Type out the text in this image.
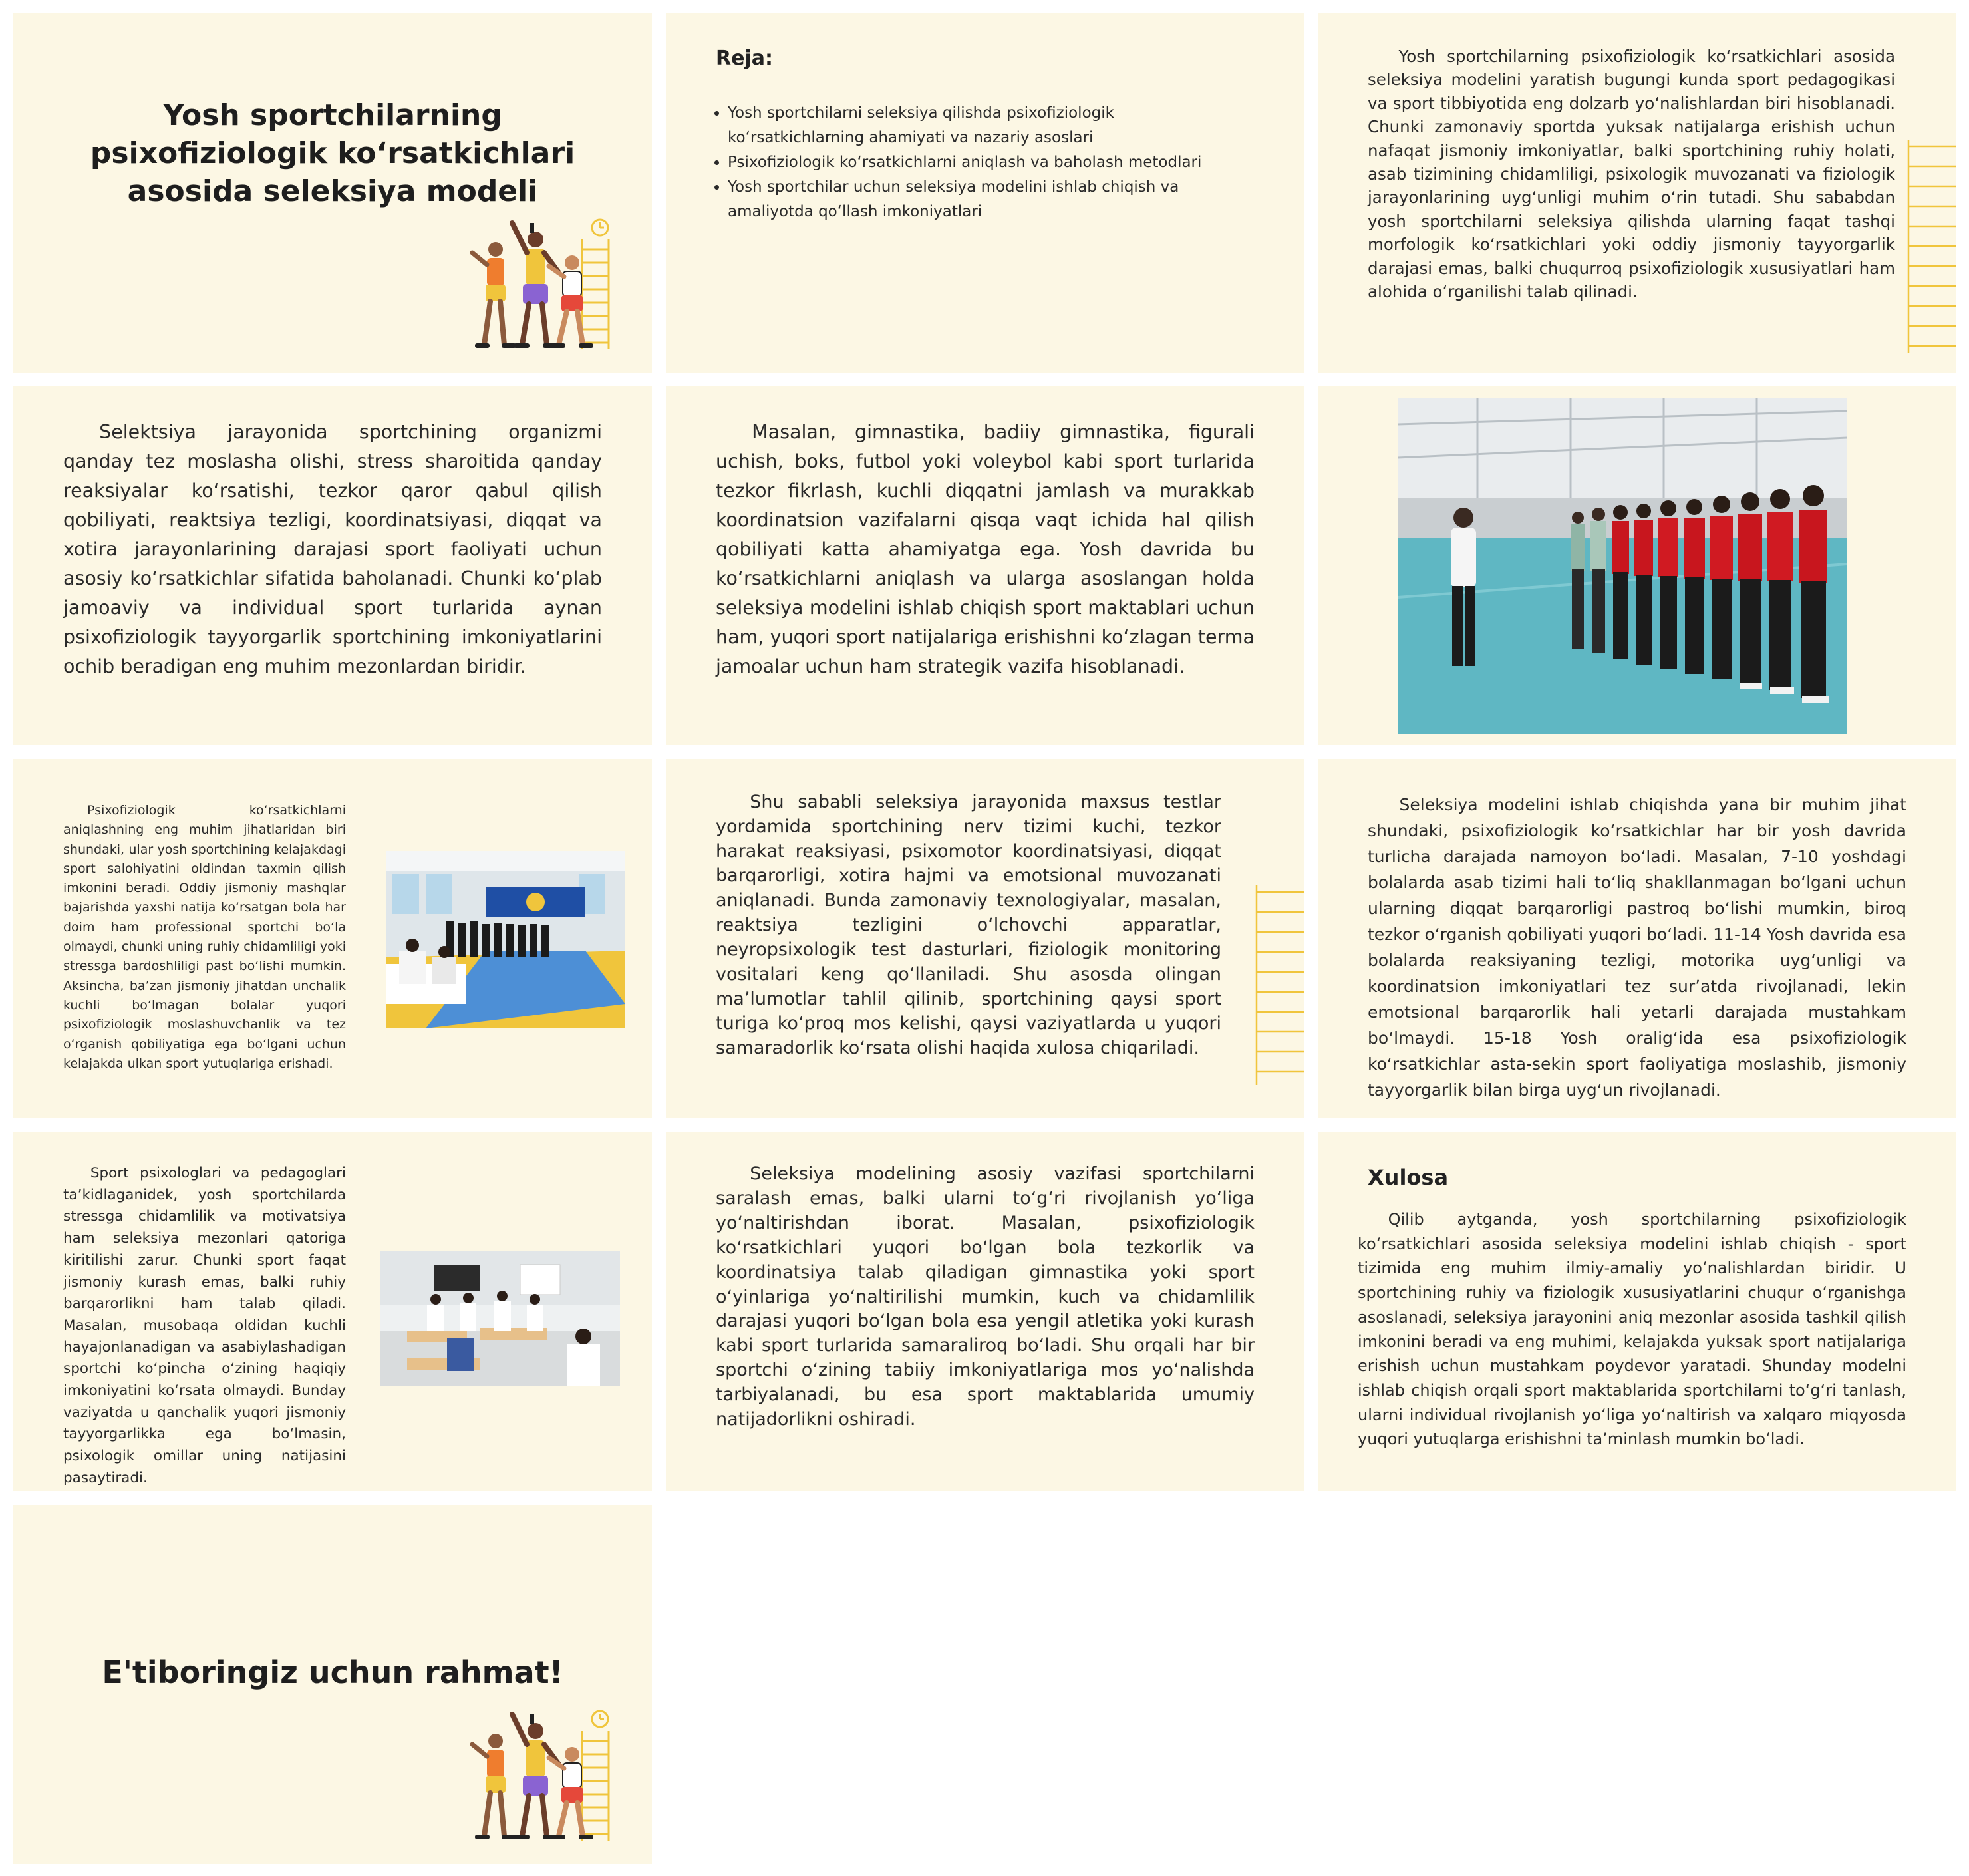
Yosh sportchilarning psixofiziologik koʻrsatkichlari asosida seleksiya modeli
Reja:
• Yosh sportchilarni seleksiya qilishda psixofiziologik koʻrsatkichlarning ahamiyati va nazariy asoslari
• Psixofiziologik koʻrsatkichlarni aniqlash va baholash metodlari
• Yosh sportchilar uchun seleksiya modelini ishlab chiqish va amaliyotda qoʻllash imkoniyatlari

Yosh sportchilarning psixofiziologik koʻrsatkichlari asosida seleksiya modelini yaratish bugungi kunda sport pedagogikasi va sport tibbiyotida eng dolzarb yoʻnalishlardan biri hisoblanadi. Chunki zamonaviy sportda yuksak natijalarga erishish uchun nafaqat jismoniy imkoniyatlar, balki sportchining ruhiy holati, asab tizimining chidamliligi, psixologik muvozanati va fiziologik jarayonlarining uygʻunligi muhim oʻrin tutadi. Shu sababdan yosh sportchilarni seleksiya qilishda ularning faqat tashqi morfologik koʻrsatkichlari yoki oddiy jismoniy tayyorgarlik darajasi emas, balki chuqurroq psixofiziologik xususiyatlari ham alohida oʻrganilishi talab qilinadi.

Selektsiya jarayonida sportchining organizmi qanday tez moslasha olishi, stress sharoitida qanday reaksiyalar koʻrsatishi, tezkor qaror qabul qilish qobiliyati, reaktsiya tezligi, koordinatsiyasi, diqqat va xotira jarayonlarining darajasi sport faoliyati uchun asosiy koʻrsatkichlar sifatida baholanadi. Chunki koʻplab jamoaviy va individual sport turlarida aynan psixofiziologik tayyorgarlik sportchining imkoniyatlarini ochib beradigan eng muhim mezonlardan biridir.

Masalan, gimnastika, badiiy gimnastika, figurali uchish, boks, futbol yoki voleybol kabi sport turlarida tezkor fikrlash, kuchli diqqatni jamlash va murakkab koordinatsion vazifalarni qisqa vaqt ichida hal qilish qobiliyati katta ahamiyatga ega. Yosh davrida bu koʻrsatkichlarni aniqlash va ularga asoslangan holda seleksiya modelini ishlab chiqish sport maktablari uchun ham, yuqori sport natijalariga erishishni koʻzlagan terma jamoalar uchun ham strategik vazifa hisoblanadi.

Psixofiziologik koʻrsatkichlarni aniqlashning eng muhim jihatlaridan biri shundaki, ular yosh sportchining kelajakdagi sport salohiyatini oldindan taxmin qilish imkonini beradi. Oddiy jismoniy mashqlar bajarishda yaxshi natija koʻrsatgan bola har doim ham professional sportchi boʻla olmaydi, chunki uning ruhiy chidamliligi yoki stressga bardoshliligi past boʻlishi mumkin. Aksincha, baʼzan jismoniy jihatdan unchalik kuchli boʻlmagan bolalar yuqori psixofiziologik moslashuvchanlik va tez oʻrganish qobiliyatiga ega boʻlgani uchun kelajakda ulkan sport yutuqlariga erishadi.

Shu sababli seleksiya jarayonida maxsus testlar yordamida sportchining nerv tizimi kuchi, tezkor harakat reaksiyasi, psixomotor koordinatsiyasi, diqqat barqarorligi, xotira hajmi va emotsional muvozanati aniqlanadi. Bunda zamonaviy texnologiyalar, masalan, reaktsiya tezligini oʻlchovchi apparatlar, neyropsixologik test dasturlari, fiziologik monitoring vositalari keng qoʻllaniladi. Shu asosda olingan maʼlumotlar tahlil qilinib, sportchining qaysi sport turiga koʻproq mos kelishi, qaysi vaziyatlarda u yuqori samaradorlik koʻrsata olishi haqida xulosa chiqariladi.

Seleksiya modelini ishlab chiqishda yana bir muhim jihat shundaki, psixofiziologik koʻrsatkichlar har bir yosh davrida turlicha darajada namoyon boʻladi. Masalan, 7-10 yoshdagi bolalarda asab tizimi hali toʻliq shakllanmagan boʻlgani uchun ularning diqqat barqarorligi pastroq boʻlishi mumkin, biroq tezkor oʻrganish qobiliyati yuqori boʻladi. 11-14 Yosh davrida esa bolalarda reaksiyaning tezligi, motorika uygʻunligi va koordinatsion imkoniyatlari tez surʼatda rivojlanadi, lekin emotsional barqarorlik hali yetarli darajada mustahkam boʻlmaydi. 15-18 Yosh oraligʻida esa psixofiziologik koʻrsatkichlar asta-sekin sport faoliyatiga moslashib, jismoniy tayyorgarlik bilan birga uygʻun rivojlanadi.

Sport psixologlari va pedagoglari taʼkidlaganidek, yosh sportchilarda stressga chidamlilik va motivatsiya ham seleksiya mezonlari qatoriga kiritilishi zarur. Chunki sport faqat jismoniy kurash emas, balki ruhiy barqarorlikni ham talab qiladi. Masalan, musobaqa oldidan kuchli hayajonlanadigan va asabiylashadigan sportchi koʻpincha oʻzining haqiqiy imkoniyatini koʻrsata olmaydi. Bunday vaziyatda u qanchalik yuqori jismoniy tayyorgarlikka ega boʻlmasin, psixologik omillar uning natijasini pasaytiradi.

Seleksiya modelining asosiy vazifasi sportchilarni saralash emas, balki ularni toʻgʻri rivojlanish yoʻliga yoʻnaltirishdan iborat. Masalan, psixofiziologik koʻrsatkichlari yuqori boʻlgan bola tezkorlik va koordinatsiya talab qiladigan gimnastika yoki sport oʻyinlariga yoʻnaltirilishi mumkin, kuch va chidamlilik darajasi yuqori boʻlgan bola esa yengil atletika yoki kurash kabi sport turlarida samaraliroq boʻladi. Shu orqali har bir sportchi oʻzining tabiiy imkoniyatlariga mos yoʻnalishda tarbiyalanadi, bu esa sport maktablarida umumiy natijadorlikni oshiradi.

Xulosa

Qilib aytganda, yosh sportchilarning psixofiziologik koʻrsatkichlari asosida seleksiya modelini ishlab chiqish - sport tizimida eng muhim ilmiy-amaliy yoʻnalishlardan biridir. U sportchining ruhiy va fiziologik xususiyatlarini chuqur oʻrganishga asoslanadi, seleksiya jarayonini aniq mezonlar asosida tashkil qilish imkonini beradi va eng muhimi, kelajakda yuksak sport natijalariga erishish uchun mustahkam poydevor yaratadi. Shunday modelni ishlab chiqish orqali sport maktablarida sportchilarni toʻgʻri tanlash, ularni individual rivojlanish yoʻliga yoʻnaltirish va xalqaro miqyosda yuqori yutuqlarga erishishni taʼminlash mumkin boʻladi.

E'tiboringiz uchun rahmat!
